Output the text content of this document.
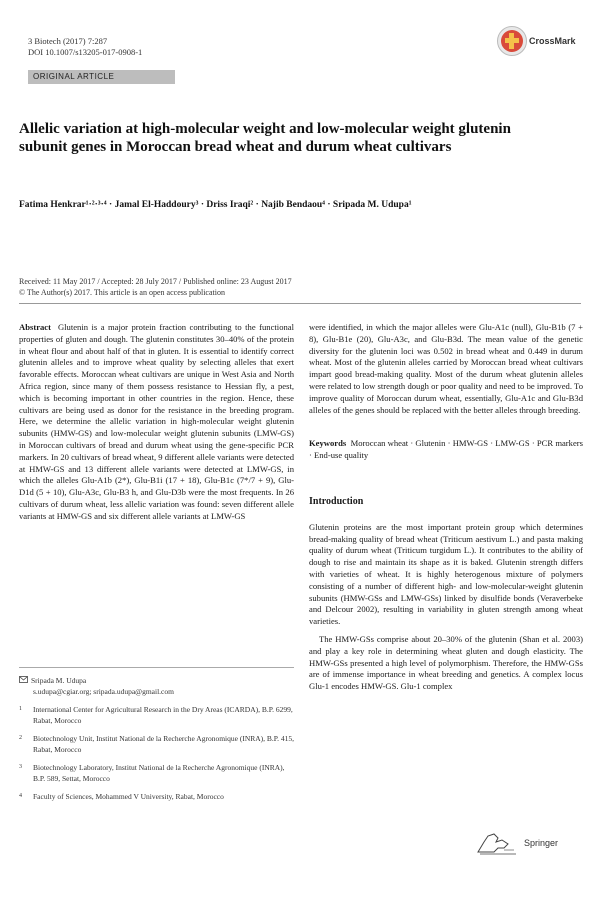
3 Biotech (2017) 7:287
DOI 10.1007/s13205-017-0908-1
CrossMark
ORIGINAL ARTICLE
Allelic variation at high-molecular weight and low-molecular weight glutenin subunit genes in Moroccan bread wheat and durum wheat cultivars
Fatima Henkrar¹·²·³·⁴ · Jamal El-Haddoury³ · Driss Iraqi² · Najib Bendaou⁴ · Sripada M. Udupa¹
Received: 11 May 2017 / Accepted: 28 July 2017 / Published online: 23 August 2017
© The Author(s) 2017. This article is an open access publication

Abstract Glutenin is a major protein fraction contributing to the functional properties of gluten and dough. The glutenin constitutes 30–40% of the protein in wheat flour and about half of that in gluten. It is essential to identify correct glutenin alleles and to improve wheat quality by selecting alleles that exert favorable effects. Moroccan wheat cultivars are unique in West Asia and North Africa region, since many of them possess resistance to Hessian fly, a pest, which is becoming important in other countries in the region. Hence, these cultivars are being used as donor for the resistance in the breeding program. Here, we determine the allelic variation in high-molecular weight glutenin subunits (HMW-GS) and low-molecular weight glutenin subunits (LMW-GS) in Moroccan cultivars of bread and durum wheat using the gene-specific PCR markers. In 20 cultivars of bread wheat, 9 different allele variants were detected at HMW-GS and 13 different allele variants were detected at LMW-GS, in which the alleles Glu-A1b (2*), Glu-B1i (17 + 18), Glu-B1c (7*/7 + 9), Glu-D1d (5 + 10), Glu-A3c, Glu-B3 h, and Glu-D3b were the most frequents. In 26 cultivars of durum wheat, less allelic variation was found: seven different allele variants at HMW-GS and six different allele variants at LMW-GS

were identified, in which the major alleles were Glu-A1c (null), Glu-B1b (7 + 8), Glu-B1e (20), Glu-A3c, and Glu-B3d. The mean value of the genetic diversity for the glutenin loci was 0.502 in bread wheat and 0.449 in durum wheat. Most of the glutenin alleles carried by Moroccan bread wheat cultivars impart good bread-making quality. Most of the durum wheat glutenin alleles were related to low strength dough or poor quality and need to be improved. To improve quality of Moroccan durum wheat, essentially, Glu-A1c and Glu-B3d alleles of the genes should be replaced with the better alleles through breeding.

Keywords Moroccan wheat · Glutenin · HMW-GS · LMW-GS · PCR markers · End-use quality

Introduction

Glutenin proteins are the most important protein group which determines bread-making quality of bread wheat (Triticum aestivum L.) and pasta making quality of durum wheat (Triticum turgidum L.). It contributes to the ability of dough to rise and maintain its shape as it is baked. Glutenin strength differs with varieties of wheat. It is highly heterogenous mixture of polymers consisting of a number of different high- and low-molecular-weight glutenin subunits (HMW-GSs and LMW-GSs) linked by disulfide bonds (Veraverbeke and Delcour 2002), resulting in variability in gluten strength among wheat varieties.

The HMW-GSs comprise about 20–30% of the glutenin (Shan et al. 2003) and play a key role in determining wheat gluten and dough elasticity. The HMW-GSs presented a high level of polymorphism. Therefore, the HMW-GSs are of immense importance in wheat breeding and genetics. A complex locus Glu-1 encodes HMW-GS. Glu-1 complex

Sripada M. Udupa
s.udupa@cgiar.org; sripada.udupa@gmail.com
1	International Center for Agricultural Research in the Dry Areas (ICARDA), B.P. 6299, Rabat, Morocco
2	Biotechnology Unit, Institut National de la Recherche Agronomique (INRA), B.P. 415, Rabat, Morocco
3	Biotechnology Laboratory, Institut National de la Recherche Agronomique (INRA), B.P. 589, Settat, Morocco
4	Faculty of Sciences, Mohammed V University, Rabat, Morocco
Springer
